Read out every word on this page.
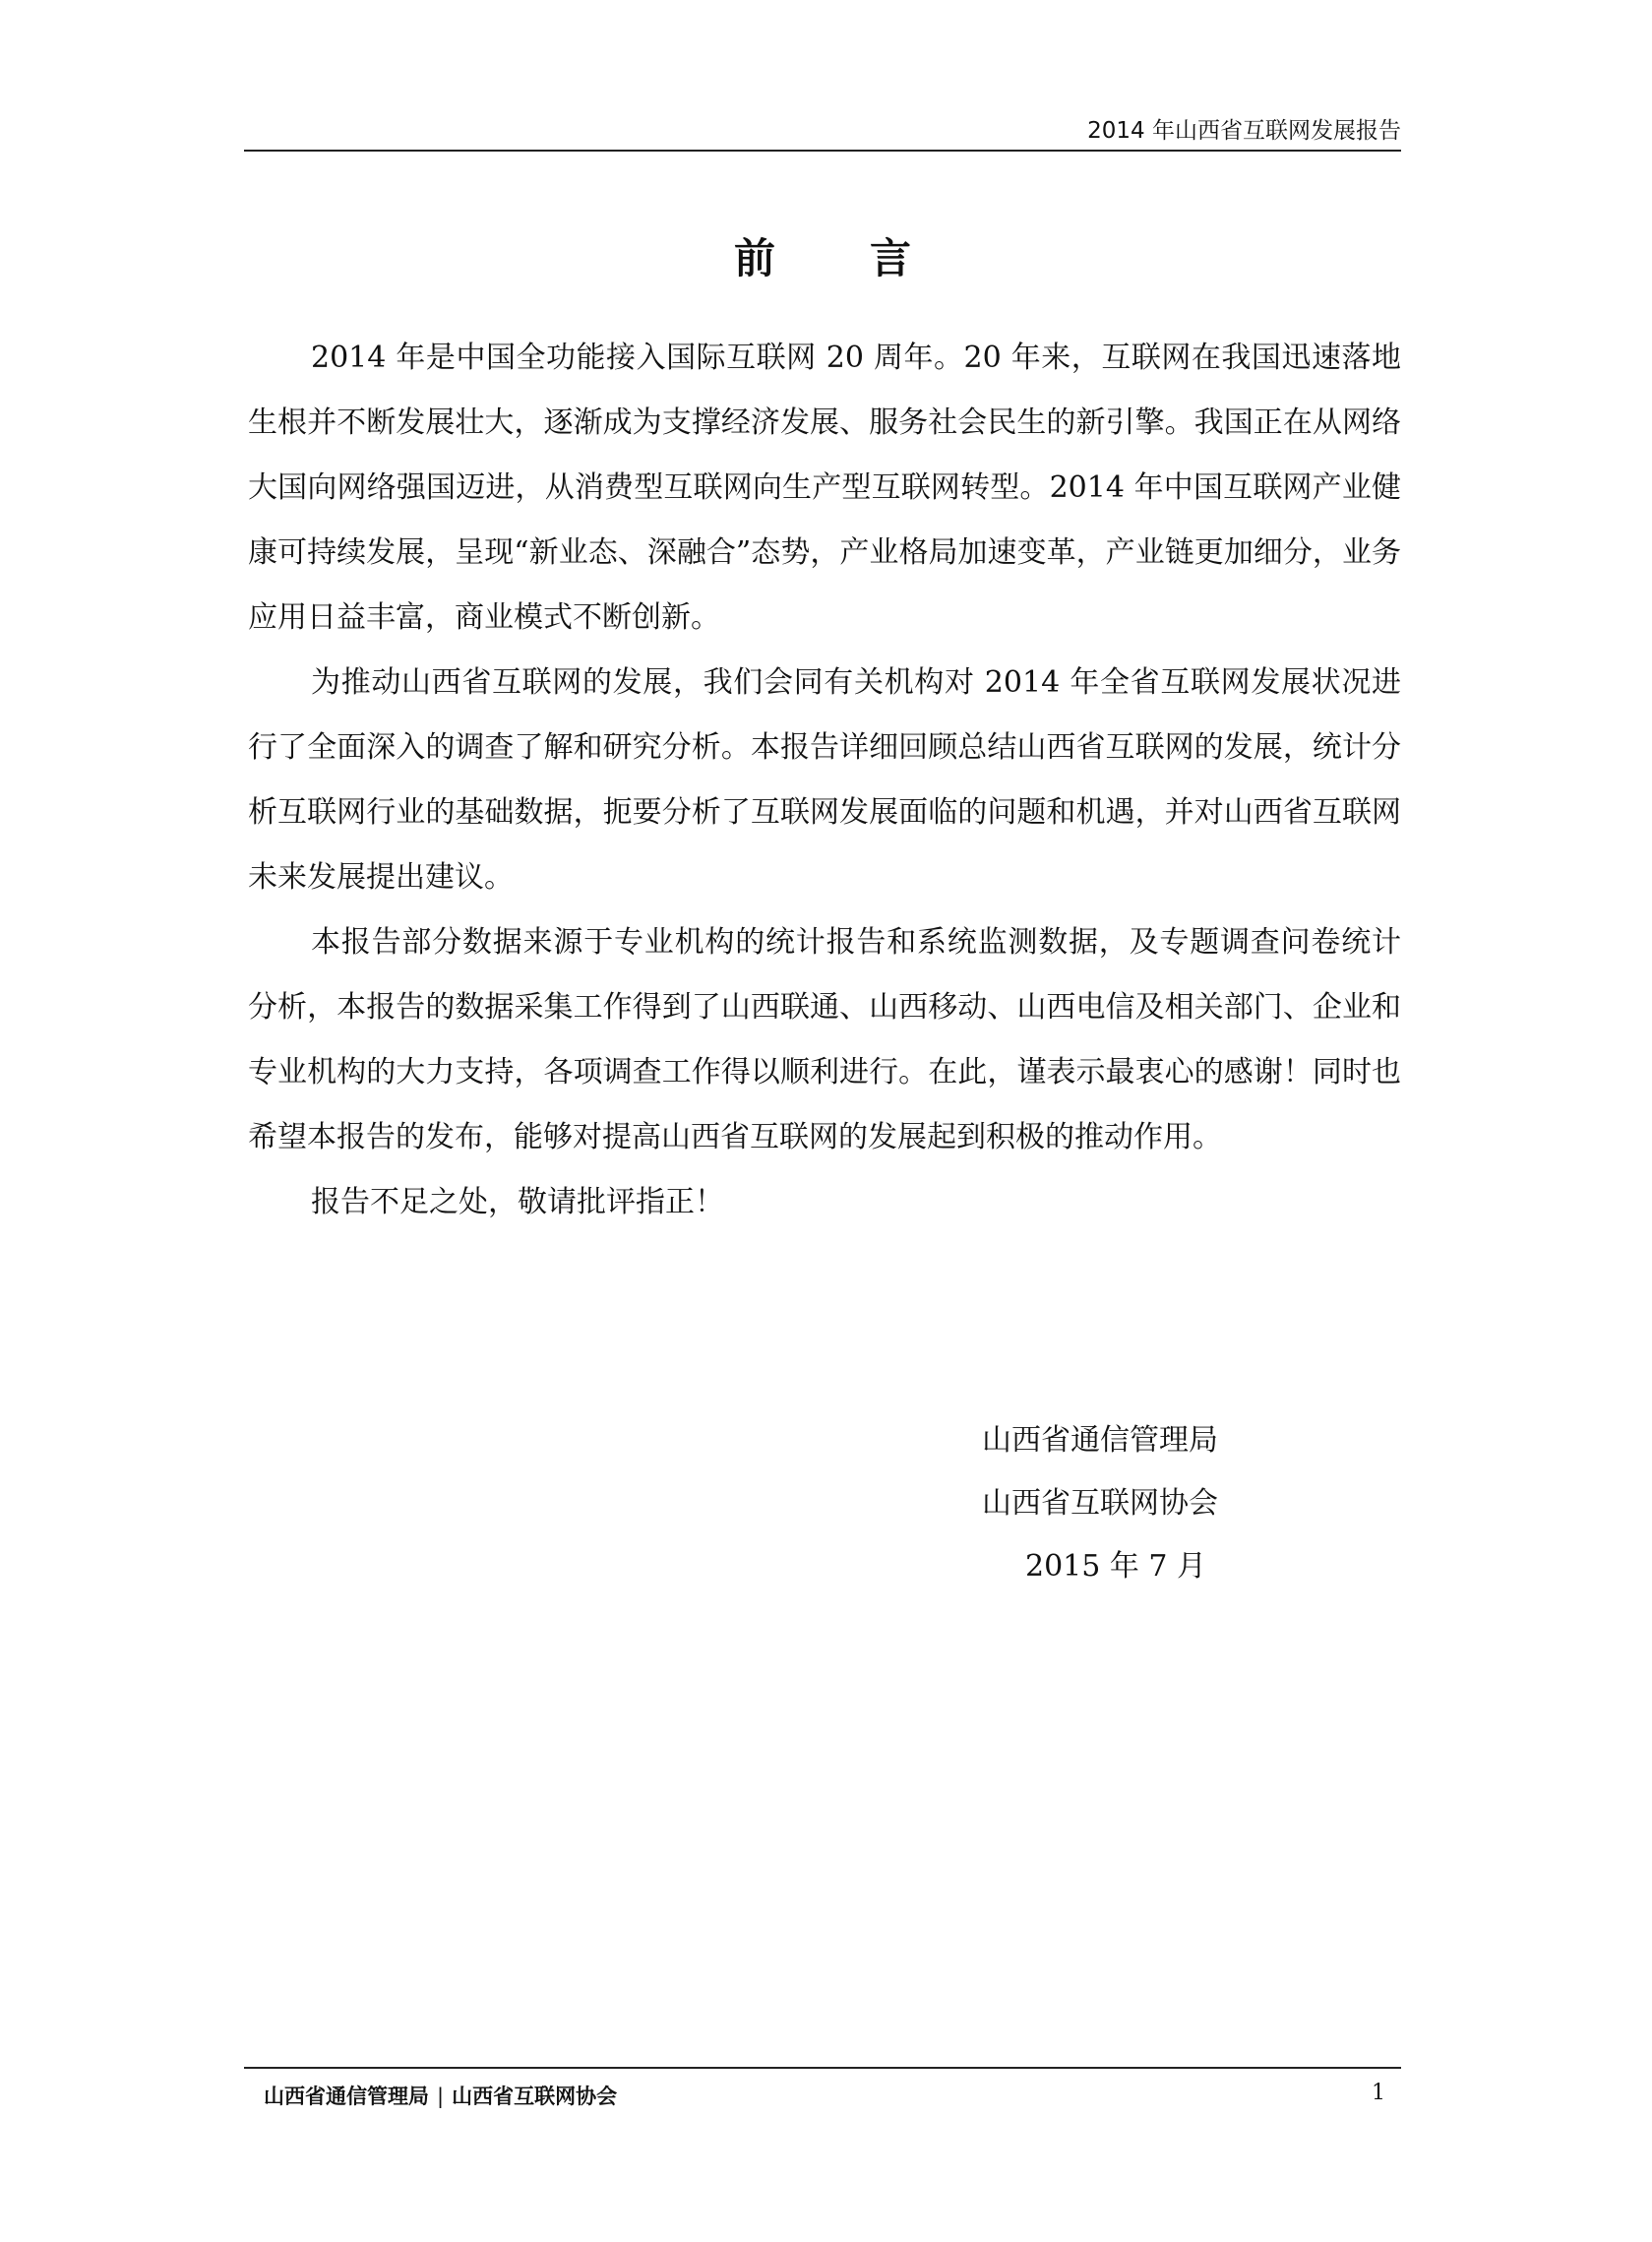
2014 年山西省互联网发展报告
前言

2014 年是中国全功能接入国际互联网 20 周年。20 年来，互联网在我国迅速落地生根并不断发展壮大，逐渐成为支撑经济发展、服务社会民生的新引擎。我国正在从网络大国向网络强国迈进，从消费型互联网向生产型互联网转型。2014 年中国互联网产业健康可持续发展，呈现“新业态、深融合”态势，产业格局加速变革，产业链更加细分，业务应用日益丰富，商业模式不断创新。

为推动山西省互联网的发展，我们会同有关机构对 2014 年全省互联网发展状况进行了全面深入的调查了解和研究分析。本报告详细回顾总结山西省互联网的发展，统计分析互联网行业的基础数据，扼要分析了互联网发展面临的问题和机遇，并对山西省互联网未来发展提出建议。

本报告部分数据来源于专业机构的统计报告和系统监测数据，及专题调查问卷统计分析，本报告的数据采集工作得到了山西联通、山西移动、山西电信及相关部门、企业和专业机构的大力支持，各项调查工作得以顺利进行。在此，谨表示最衷心的感谢！同时也希望本报告的发布，能够对提高山西省互联网的发展起到积极的推动作用。

报告不足之处，敬请批评指正！

山西省通信管理局
山西省互联网协会
2015 年 7 月
山西省通信管理局 | 山西省互联网协会	1
